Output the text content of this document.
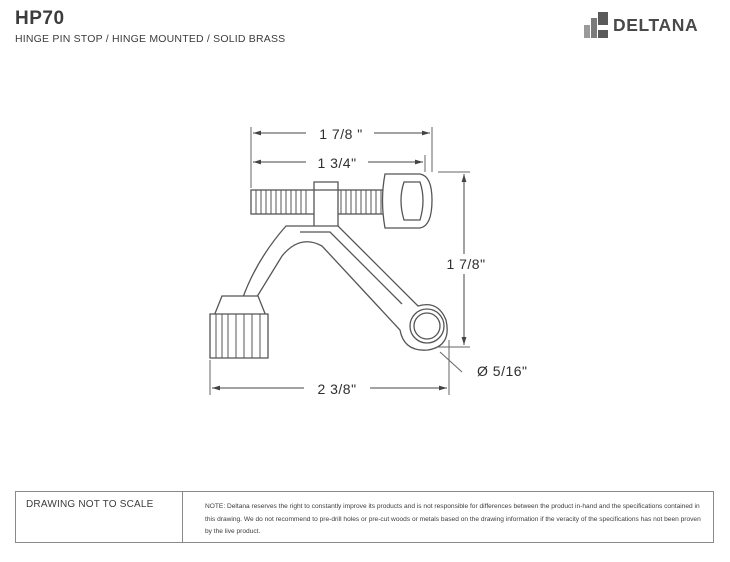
HP70
HINGE PIN STOP / HINGE MOUNTED / SOLID BRASS
DELTANA
1 7/8 "
1 3/4"
1 7/8"
Ø 5/16"
2 3/8"
DRAWING NOT TO SCALE	NOTE: Deltana reserves the right to constantly improve its products and is not responsible for differences between the product in-hand and the specifications contained in this drawing. We do not recommend to pre-drill holes or pre-cut woods or metals based on the drawing information if the veracity of the specifications has not been proven by the live product.
